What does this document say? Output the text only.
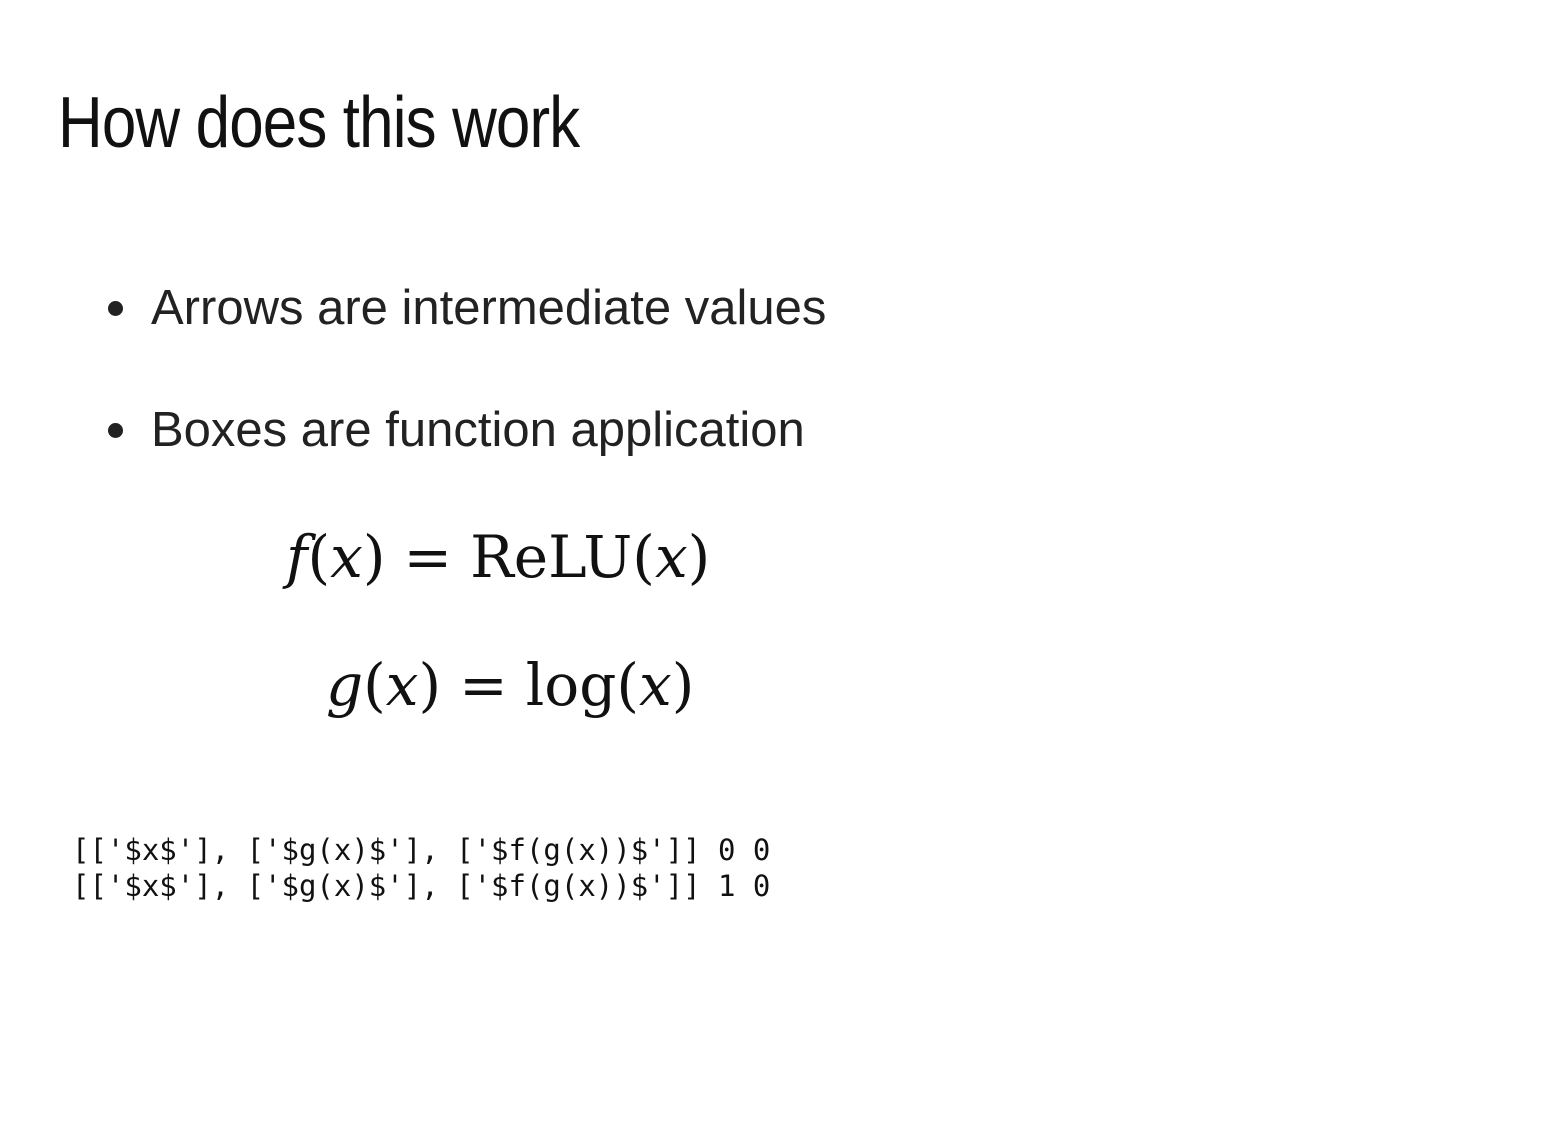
How does this work
Arrows are intermediate values
Boxes are function application
f(x) = ReLU(x)
g(x) = log(x)
[['$x$'], ['$g(x)$'], ['$f(g(x))$']] 0 0
[['$x$'], ['$g(x)$'], ['$f(g(x))$']] 1 0
